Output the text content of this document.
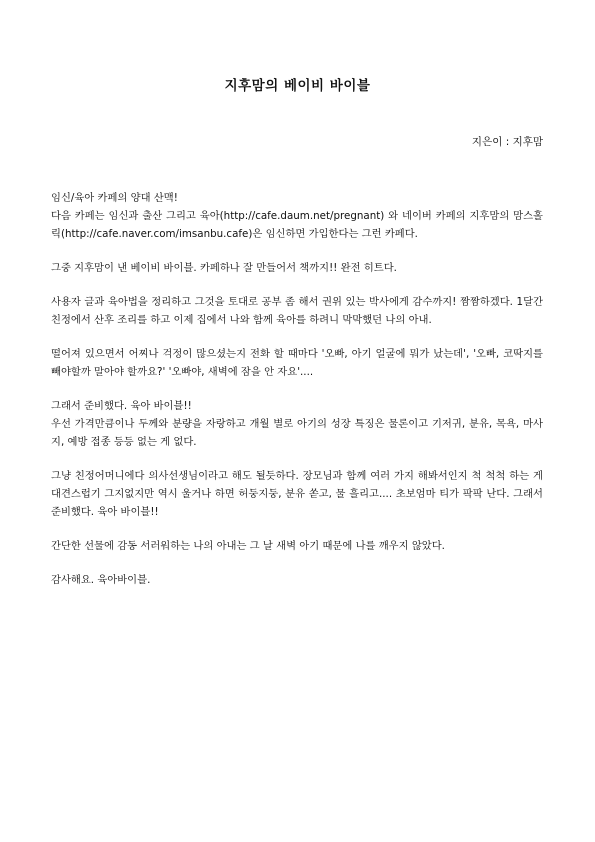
지후맘의 베이비 바이블
지은이 : 지후맘

임신/육아 카페의 양대 산맥!
다음 카페는 임신과 출산 그리고 육아(http://cafe.daum.net/pregnant) 와 네이버 카페의 지후맘의 맘스홀릭(http://cafe.naver.com/imsanbu.cafe)은 임신하면 가입한다는 그런 카페다.

그중 지후맘이 낸 베이비 바이블. 카페하나 잘 만들어서 책까지!! 완전 히트다.

사용자 글과 육아법을 정리하고 그것을 토대로 공부 좀 해서 권위 있는 박사에게 감수까지! 짬짬하겠다. 1달간 친정에서 산후 조리를 하고 이제 집에서 나와 함께 육아를 하려니 막막했던 나의 아내.

떨어져 있으면서 어찌나 걱정이 많으셨는지 전화 할 때마다 '오빠, 아기 얼굴에 뭐가 났는데', '오빠, 코딱지를 빼야할까 말아야 할까요?' '오빠야, 새벽에 잠을 안 자요'....

그래서 준비했다. 육아 바이블!!
우선 가격만큼이나 두께와 분량을 자랑하고 개월 별로 아기의 성장 특징은 물론이고 기저귀, 분유, 목욕, 마사지, 예방 접종 등등 없는 게 없다.

그냥 친정어머니에다 의사선생님이라고 해도 될듯하다. 장모님과 함께 여러 가지 해봐서인지 척 척척 하는 게 대견스럽기 그지없지만 역시 울거나 하면 허둥지둥, 분유 쏟고, 물 흘리고.... 초보엄마 티가 팍팍 난다. 그래서 준비했다. 육아 바이블!!

간단한 선물에 감동 서러워하는 나의 아내는 그 날 새벽 아기 때문에 나를 깨우지 않았다.

감사해요. 육아바이블.
